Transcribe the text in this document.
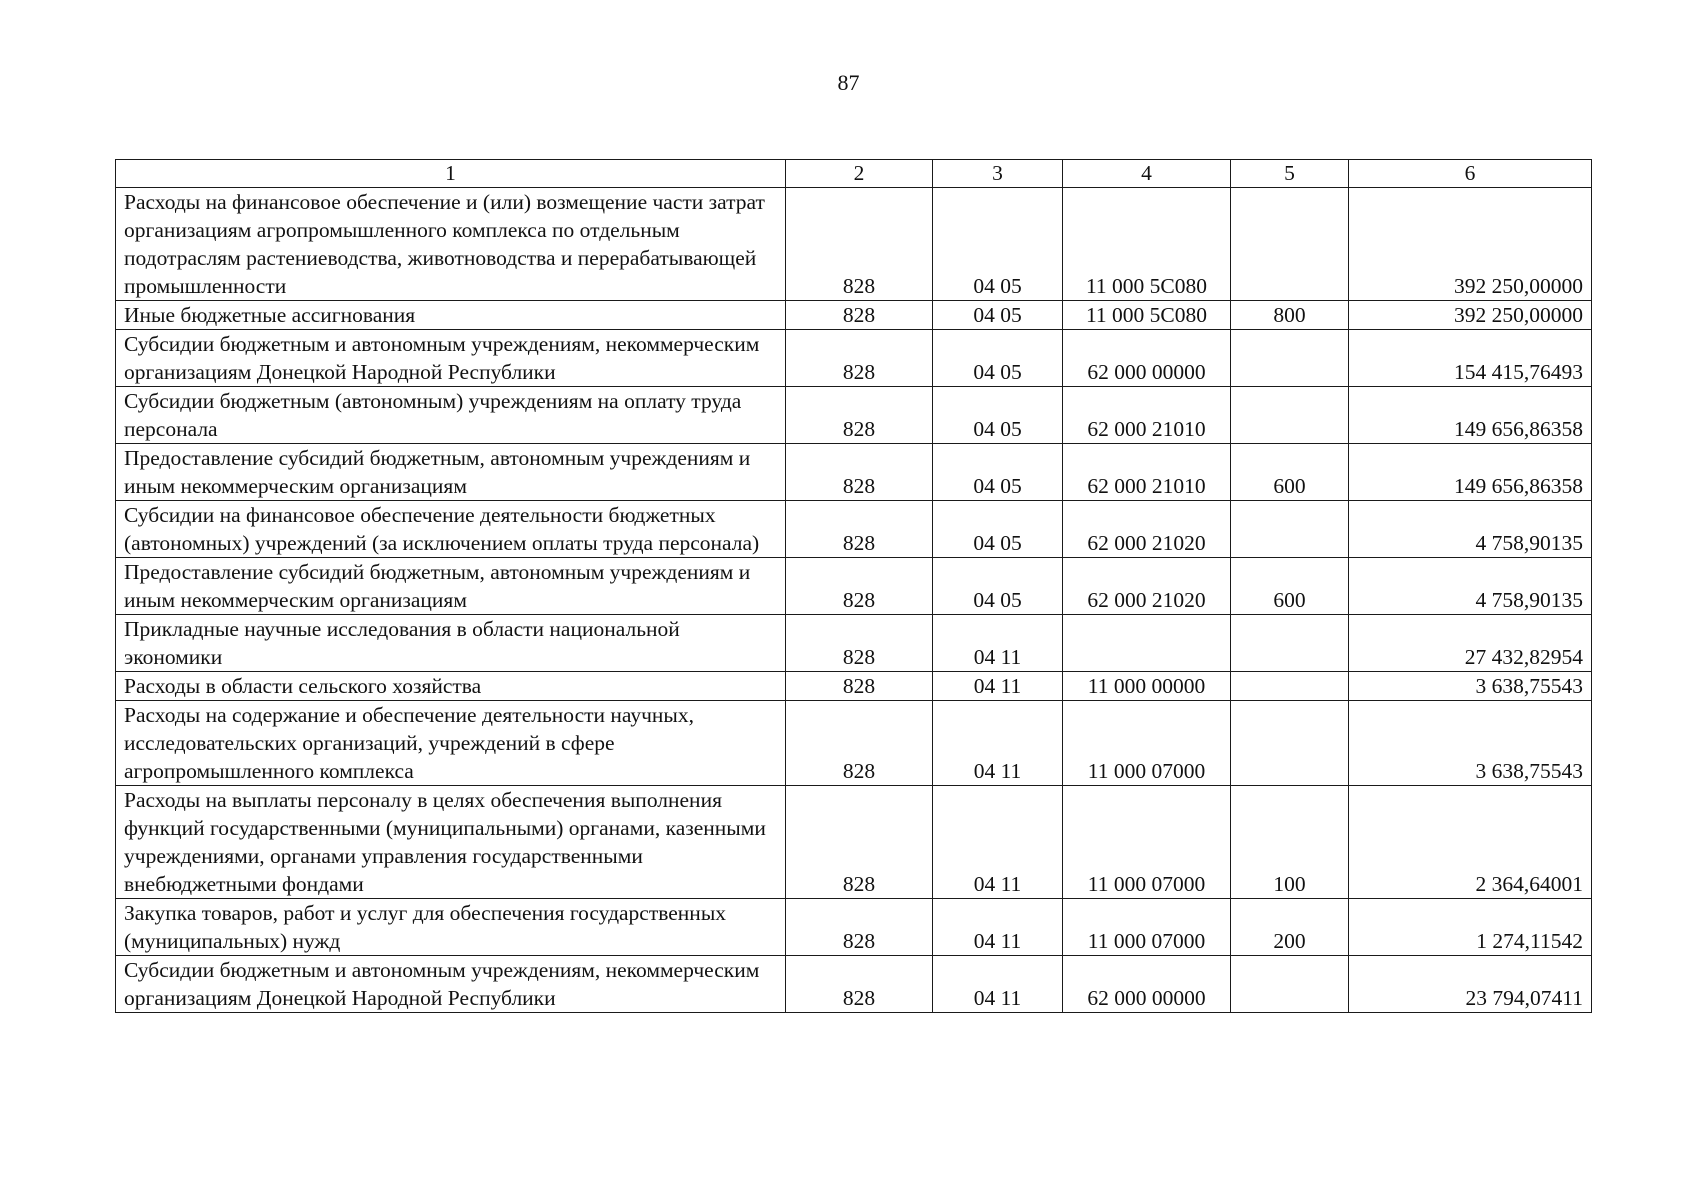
87
1	2	3	4	5	6
Расходы на финансовое обеспечение и (или) возмещение части затрат организациям агропромышленного комплекса по отдельным подотраслям растениеводства, животноводства и перерабатывающей промышленности	828	04 05	11 000 5C080		392 250,00000
Иные бюджетные ассигнования	828	04 05	11 000 5C080	800	392 250,00000
Субсидии бюджетным и автономным учреждениям, некоммерческим организациям Донецкой Народной Республики	828	04 05	62 000 00000		154 415,76493
Субсидии бюджетным (автономным) учреждениям на оплату труда персонала	828	04 05	62 000 21010		149 656,86358
Предоставление субсидий бюджетным, автономным учреждениям и иным некоммерческим организациям	828	04 05	62 000 21010	600	149 656,86358
Субсидии на финансовое обеспечение деятельности бюджетных (автономных) учреждений (за исключением оплаты труда персонала)	828	04 05	62 000 21020		4 758,90135
Предоставление субсидий бюджетным, автономным учреждениям и иным некоммерческим организациям	828	04 05	62 000 21020	600	4 758,90135
Прикладные научные исследования в области национальной экономики	828	04 11			27 432,82954
Расходы в области сельского хозяйства	828	04 11	11 000 00000		3 638,75543
Расходы на содержание и обеспечение деятельности научных, исследовательских организаций, учреждений в сфере агропромышленного комплекса	828	04 11	11 000 07000		3 638,75543
Расходы на выплаты персоналу в целях обеспечения выполнения функций государственными (муниципальными) органами, казенными учреждениями, органами управления государственными внебюджетными фондами	828	04 11	11 000 07000	100	2 364,64001
Закупка товаров, работ и услуг для обеспечения государственных (муниципальных) нужд	828	04 11	11 000 07000	200	1 274,11542
Субсидии бюджетным и автономным учреждениям, некоммерческим организациям Донецкой Народной Республики	828	04 11	62 000 00000		23 794,07411
